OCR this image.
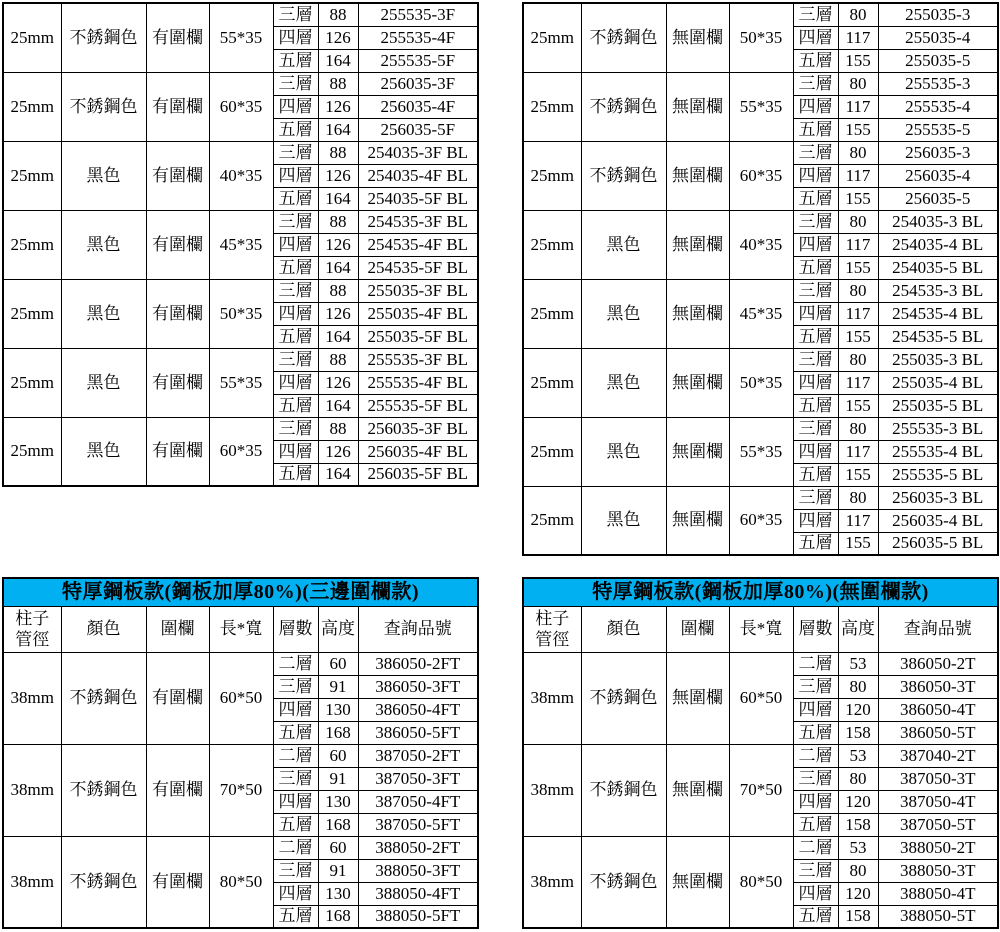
25mm	不銹鋼色	有圍欄	55*35	三層	88	255535-3F
				四層	126	255535-4F
				五層	164	255535-5F
25mm	不銹鋼色	有圍欄	60*35	三層	88	256035-3F
				四層	126	256035-4F
				五層	164	256035-5F
25mm	黑色	有圍欄	40*35	三層	88	254035-3F BL
				四層	126	254035-4F BL
				五層	164	254035-5F BL
25mm	黑色	有圍欄	45*35	三層	88	254535-3F BL
				四層	126	254535-4F BL
				五層	164	254535-5F BL
25mm	黑色	有圍欄	50*35	三層	88	255035-3F BL
				四層	126	255035-4F BL
				五層	164	255035-5F BL
25mm	黑色	有圍欄	55*35	三層	88	255535-3F BL
				四層	126	255535-4F BL
				五層	164	255535-5F BL
25mm	黑色	有圍欄	60*35	三層	88	256035-3F BL
				四層	126	256035-4F BL
				五層	164	256035-5F BL
25mm	不銹鋼色	無圍欄	50*35	三層	80	255035-3
				四層	117	255035-4
				五層	155	255035-5
25mm	不銹鋼色	無圍欄	55*35	三層	80	255535-3
				四層	117	255535-4
				五層	155	255535-5
25mm	不銹鋼色	無圍欄	60*35	三層	80	256035-3
				四層	117	256035-4
				五層	155	256035-5
25mm	黑色	無圍欄	40*35	三層	80	254035-3 BL
				四層	117	254035-4 BL
				五層	155	254035-5 BL
25mm	黑色	無圍欄	45*35	三層	80	254535-3 BL
				四層	117	254535-4 BL
				五層	155	254535-5 BL
25mm	黑色	無圍欄	50*35	三層	80	255035-3 BL
				四層	117	255035-4 BL
				五層	155	255035-5 BL
25mm	黑色	無圍欄	55*35	三層	80	255535-3 BL
				四層	117	255535-4 BL
				五層	155	255535-5 BL
25mm	黑色	無圍欄	60*35	三層	80	256035-3 BL
				四層	117	256035-4 BL
				五層	155	256035-5 BL
特厚鋼板款(鋼板加厚80%)(三邊圍欄款)						

柱子
管徑	顏色	圍欄	長*寬	層數	高度	查詢品號
38mm	不銹鋼色	有圍欄	60*50	二層	60	386050-2FT
				三層	91	386050-3FT
				四層	130	386050-4FT
				五層	168	386050-5FT
38mm	不銹鋼色	有圍欄	70*50	二層	60	387050-2FT
				三層	91	387050-3FT
				四層	130	387050-4FT
				五層	168	387050-5FT
38mm	不銹鋼色	有圍欄	80*50	二層	60	388050-2FT
				三層	91	388050-3FT
				四層	130	388050-4FT
				五層	168	388050-5FT
特厚鋼板款(鋼板加厚80%)(無圍欄款)						

柱子
管徑	顏色	圍欄	長*寬	層數	高度	查詢品號
38mm	不銹鋼色	無圍欄	60*50	二層	53	386050-2T
				三層	80	386050-3T
				四層	120	386050-4T
				五層	158	386050-5T
38mm	不銹鋼色	無圍欄	70*50	二層	53	387040-2T
				三層	80	387050-3T
				四層	120	387050-4T
				五層	158	387050-5T
38mm	不銹鋼色	無圍欄	80*50	二層	53	388050-2T
				三層	80	388050-3T
				四層	120	388050-4T
				五層	158	388050-5T
